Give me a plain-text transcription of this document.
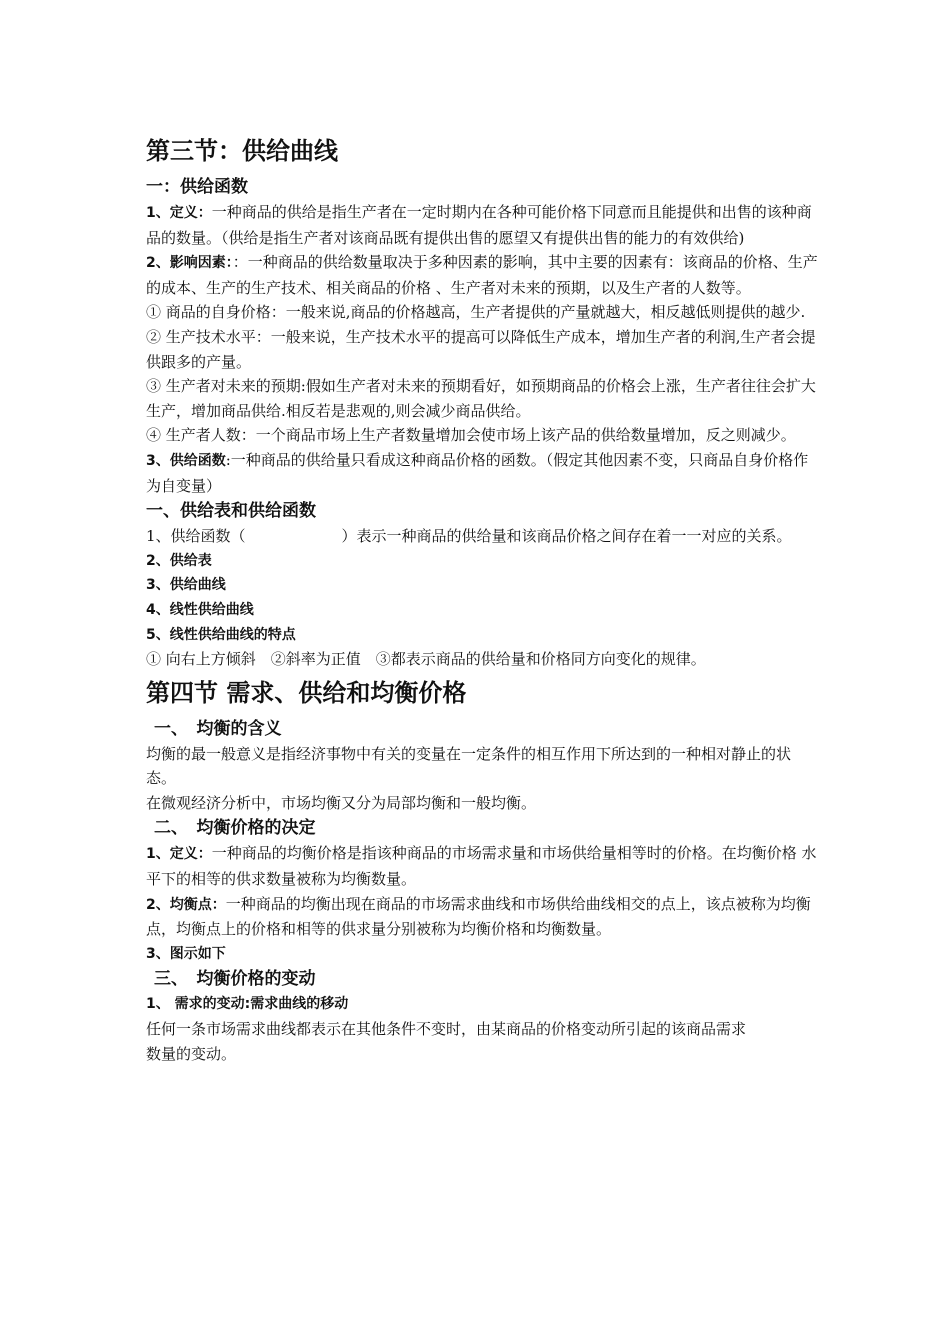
第三节：供给曲线
一：供给函数

1、定义：一种商品的供给是指生产者在一定时期内在各种可能价格下同意而且能提供和出售的该种商品的数量。（供给是指生产者对该商品既有提供出售的愿望又有提供出售的能力的有效供给)

2、影响因素：：一种商品的供给数量取决于多种因素的影响，其中主要的因素有：该商品的价格、生产的成本、生产的生产技术、相关商品的价格 、生产者对未来的预期，以及生产者的人数等。

① 商品的自身价格：一般来说,商品的价格越高，生产者提供的产量就越大，相反越低则提供的越少.

② 生产技术水平：一般来说，生产技术水平的提高可以降低生产成本，增加生产者的利润,生产者会提供跟多的产量。

③ 生产者对未来的预期:假如生产者对未来的预期看好，如预期商品的价格会上涨，生产者往往会扩大生产，增加商品供给.相反若是悲观的,则会减少商品供给。

④ 生产者人数：一个商品市场上生产者数量增加会使市场上该产品的供给数量增加，反之则减少。

3、供给函数:一种商品的供给量只看成这种商品价格的函数。（假定其他因素不变，只商品自身价格作为自变量）

一、供给表和供给函数

1、供给函数（	）表示一种商品的供给量和该商品价格之间存在着一一对应的关系。

2、供给表

3、供给曲线

4、线性供给曲线

5、线性供给曲线的特点

① 向右上方倾斜　②斜率为正值　③都表示商品的供给量和价格同方向变化的规律。

第四节 需求、供给和均衡价格
一、　均衡的含义

均衡的最一般意义是指经济事物中有关的变量在一定条件的相互作用下所达到的一种相对静止的状态。

在微观经济分析中，市场均衡又分为局部均衡和一般均衡。

二、　均衡价格的决定

1、定义：一种商品的均衡价格是指该种商品的市场需求量和市场供给量相等时的价格。在均衡价格 水平下的相等的供求数量被称为均衡数量。

2、均衡点：一种商品的均衡出现在商品的市场需求曲线和市场供给曲线相交的点上，该点被称为均衡点，均衡点上的价格和相等的供求量分别被称为均衡价格和均衡数量。

3、图示如下

三、　均衡价格的变动

1、 需求的变动:需求曲线的移动

任何一条市场需求曲线都表示在其他条件不变时，由某商品的价格变动所引起的该商品需求

数量的变动。
